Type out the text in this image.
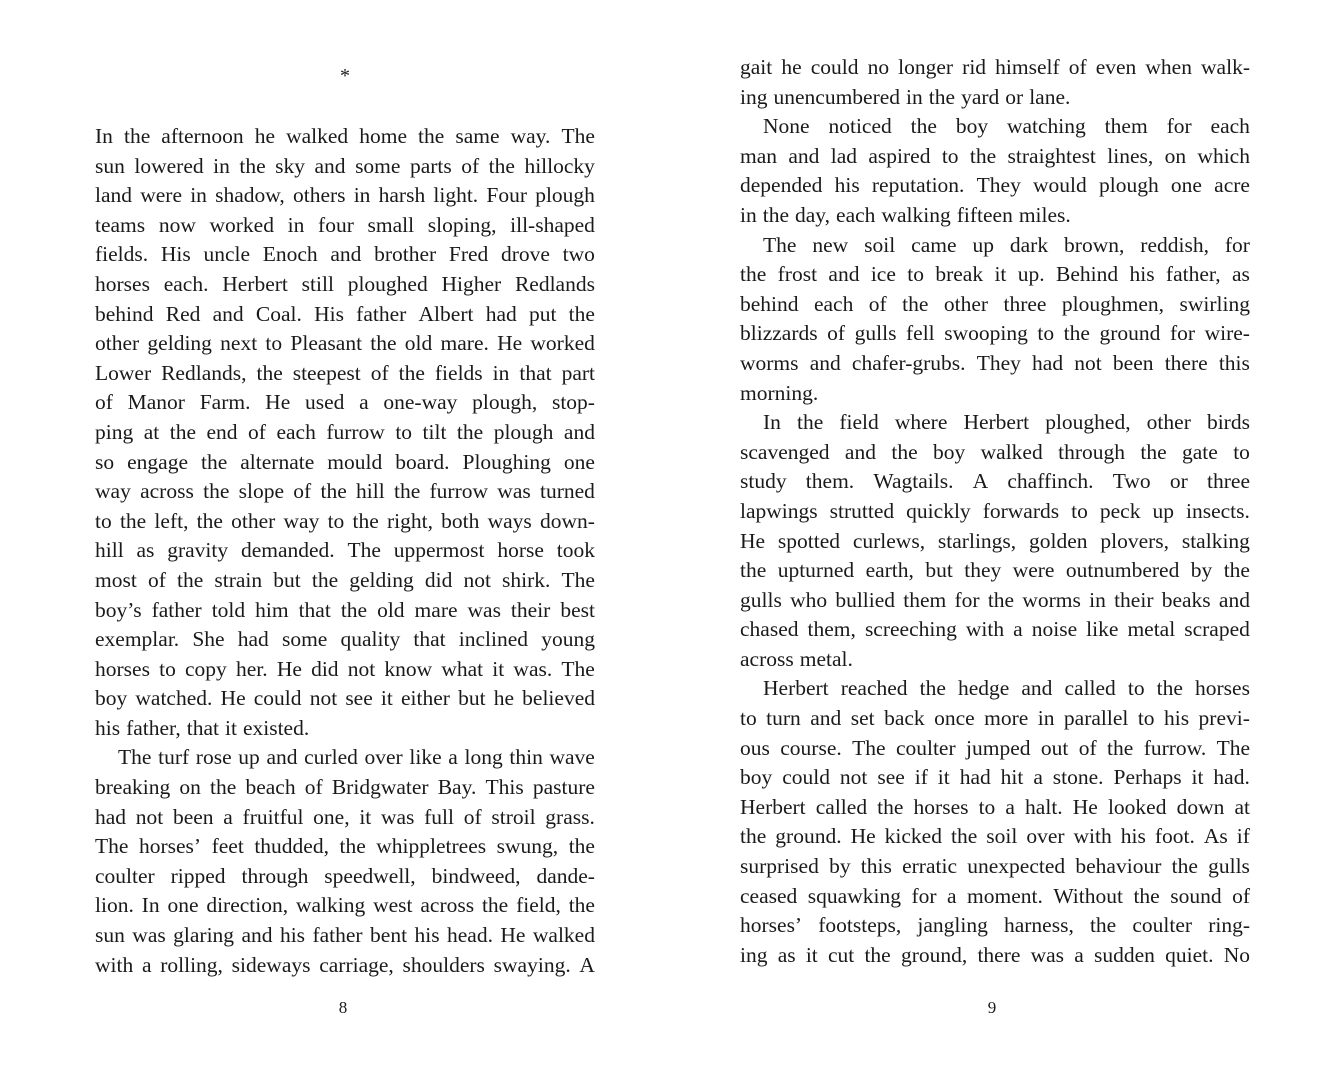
*
In the afternoon he walked home the same way. The
sun lowered in the sky and some parts of the hillocky
land were in shadow, others in harsh light. Four plough
teams now worked in four small sloping, ill-shaped
fields. His uncle Enoch and brother Fred drove two
horses each. Herbert still ploughed Higher Redlands
behind Red and Coal. His father Albert had put the
other gelding next to Pleasant the old mare. He worked
Lower Redlands, the steepest of the fields in that part
of Manor Farm. He used a one-way plough, stop-
ping at the end of each furrow to tilt the plough and
so engage the alternate mould board. Ploughing one
way across the slope of the hill the furrow was turned
to the left, the other way to the right, both ways down-
hill as gravity demanded. The uppermost horse took
most of the strain but the gelding did not shirk. The
boy’s father told him that the old mare was their best
exemplar. She had some quality that inclined young
horses to copy her. He did not know what it was. The
boy watched. He could not see it either but he believed
his father, that it existed.
The turf rose up and curled over like a long thin wave
breaking on the beach of Bridgwater Bay. This pasture
had not been a fruitful one, it was full of stroil grass.
The horses’ feet thudded, the whippletrees swung, the
coulter ripped through speedwell, bindweed, dande-
lion. In one direction, walking west across the field, the
sun was glaring and his father bent his head. He walked
with a rolling, sideways carriage, shoulders swaying. A
gait he could no longer rid himself of even when walk-
ing unencumbered in the yard or lane.
None noticed the boy watching them for each
man and lad aspired to the straightest lines, on which
depended his reputation. They would plough one acre
in the day, each walking fifteen miles.
The new soil came up dark brown, reddish, for
the frost and ice to break it up. Behind his father, as
behind each of the other three ploughmen, swirling
blizzards of gulls fell swooping to the ground for wire-
worms and chafer-grubs. They had not been there this
morning.
In the field where Herbert ploughed, other birds
scavenged and the boy walked through the gate to
study them. Wagtails. A chaffinch. Two or three
lapwings strutted quickly forwards to peck up insects.
He spotted curlews, starlings, golden plovers, stalking
the upturned earth, but they were outnumbered by the
gulls who bullied them for the worms in their beaks and
chased them, screeching with a noise like metal scraped
across metal.
Herbert reached the hedge and called to the horses
to turn and set back once more in parallel to his previ-
ous course. The coulter jumped out of the furrow. The
boy could not see if it had hit a stone. Perhaps it had.
Herbert called the horses to a halt. He looked down at
the ground. He kicked the soil over with his foot. As if
surprised by this erratic unexpected behaviour the gulls
ceased squawking for a moment. Without the sound of
horses’ footsteps, jangling harness, the coulter ring-
ing as it cut the ground, there was a sudden quiet. No
8	9
